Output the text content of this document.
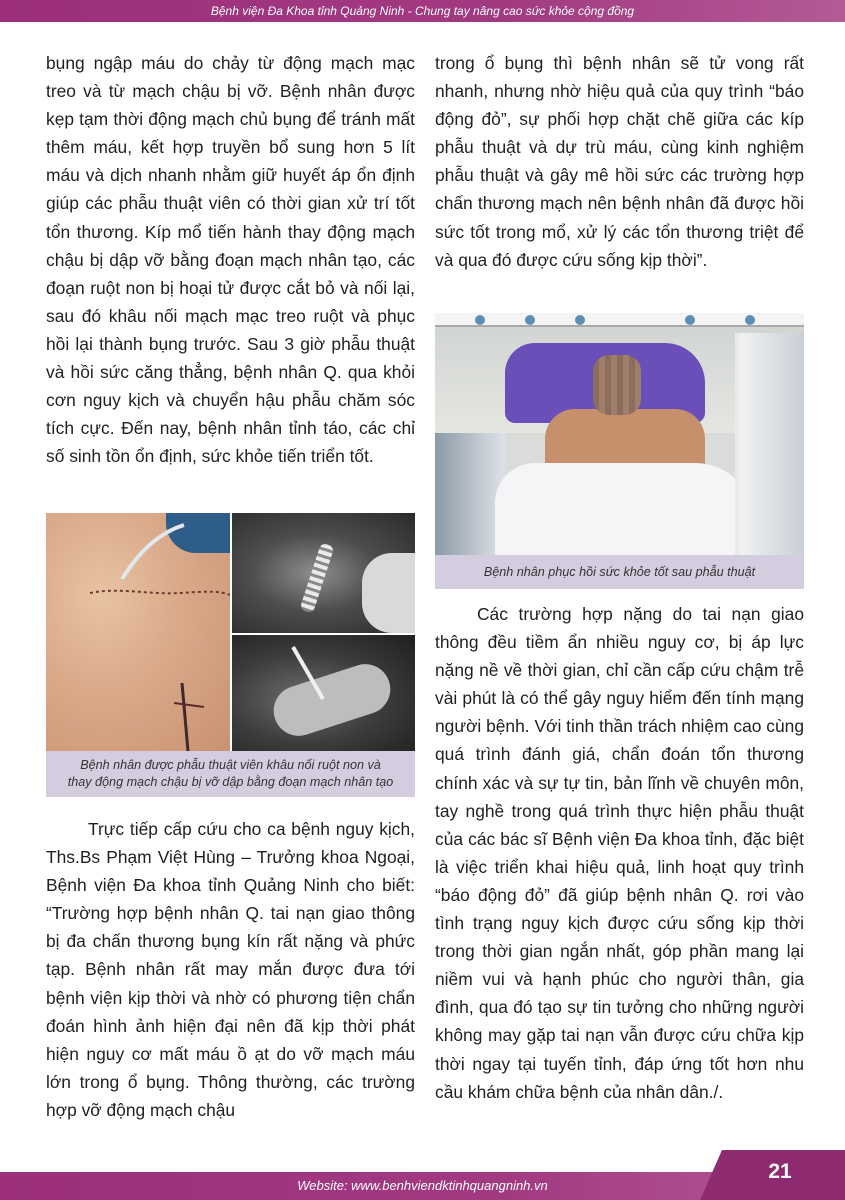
Bệnh viện Đa Khoa tỉnh Quảng Ninh - Chung tay nâng cao sức khỏe cộng đồng

bụng ngập máu do chảy từ động mạch mạc treo và từ mạch chậu bị vỡ. Bệnh nhân được kẹp tạm thời động mạch chủ bụng để tránh mất thêm máu, kết hợp truyền bổ sung hơn 5 lít máu và dịch nhanh nhằm giữ huyết áp ổn định giúp các phẫu thuật viên có thời gian xử trí tốt tổn thương. Kíp mổ tiến hành thay động mạch chậu bị dập vỡ bằng đoạn mạch nhân tạo, các đoạn ruột non bị hoại tử được cắt bỏ và nối lại, sau đó khâu nối mạch mạc treo ruột và phục hồi lại thành bụng trước. Sau 3 giờ phẫu thuật và hồi sức căng thẳng, bệnh nhân Q. qua khỏi cơn nguy kịch và chuyển hậu phẫu chăm sóc tích cực. Đến nay, bệnh nhân tỉnh táo, các chỉ số sinh tồn ổn định, sức khỏe tiến triển tốt.

Bệnh nhân được phẫu thuật viên khâu nối ruột non và
thay động mạch chậu bị vỡ dập bằng đoạn mạch nhân tạo

Trực tiếp cấp cứu cho ca bệnh nguy kịch, Ths.Bs Phạm Việt Hùng – Trưởng khoa Ngoại, Bệnh viện Đa khoa tỉnh Quảng Ninh cho biết: “Trường hợp bệnh nhân Q. tai nạn giao thông bị đa chấn thương bụng kín rất nặng và phức tạp. Bệnh nhân rất may mắn được đưa tới bệnh viện kịp thời và nhờ có phương tiện chẩn đoán hình ảnh hiện đại nên đã kịp thời phát hiện nguy cơ mất máu ồ ạt do vỡ mạch máu lớn trong ổ bụng. Thông thường, các trường hợp vỡ động mạch chậu

trong ổ bụng thì bệnh nhân sẽ tử vong rất nhanh, nhưng nhờ hiệu quả của quy trình “báo động đỏ”, sự phối hợp chặt chẽ giữa các kíp phẫu thuật và dự trù máu, cùng kinh nghiệm phẫu thuật và gây mê hồi sức các trường hợp chấn thương mạch nên bệnh nhân đã được hồi sức tốt trong mổ, xử lý các tổn thương triệt để và qua đó được cứu sống kịp thời”.

Bệnh nhân phục hồi sức khỏe tốt sau phẫu thuật

Các trường hợp nặng do tai nạn giao thông đều tiềm ẩn nhiều nguy cơ, bị áp lực nặng nề về thời gian, chỉ cần cấp cứu chậm trễ vài phút là có thể gây nguy hiểm đến tính mạng người bệnh. Với tinh thần trách nhiệm cao cùng quá trình đánh giá, chẩn đoán tổn thương chính xác và sự tự tin, bản lĩnh về chuyên môn, tay nghề trong quá trình thực hiện phẫu thuật của các bác sĩ Bệnh viện Đa khoa tỉnh, đặc biệt là việc triển khai hiệu quả, linh hoạt quy trình “báo động đỏ” đã giúp bệnh nhân Q. rơi vào tình trạng nguy kịch được cứu sống kịp thời trong thời gian ngắn nhất, góp phần mang lại niềm vui và hạnh phúc cho người thân, gia đình, qua đó tạo sự tin tưởng cho những người không may gặp tai nạn vẫn được cứu chữa kịp thời ngay tại tuyến tỉnh, đáp ứng tốt hơn nhu cầu khám chữa bệnh của nhân dân./.

Website: www.benhviendktinhquangninh.vn
21
